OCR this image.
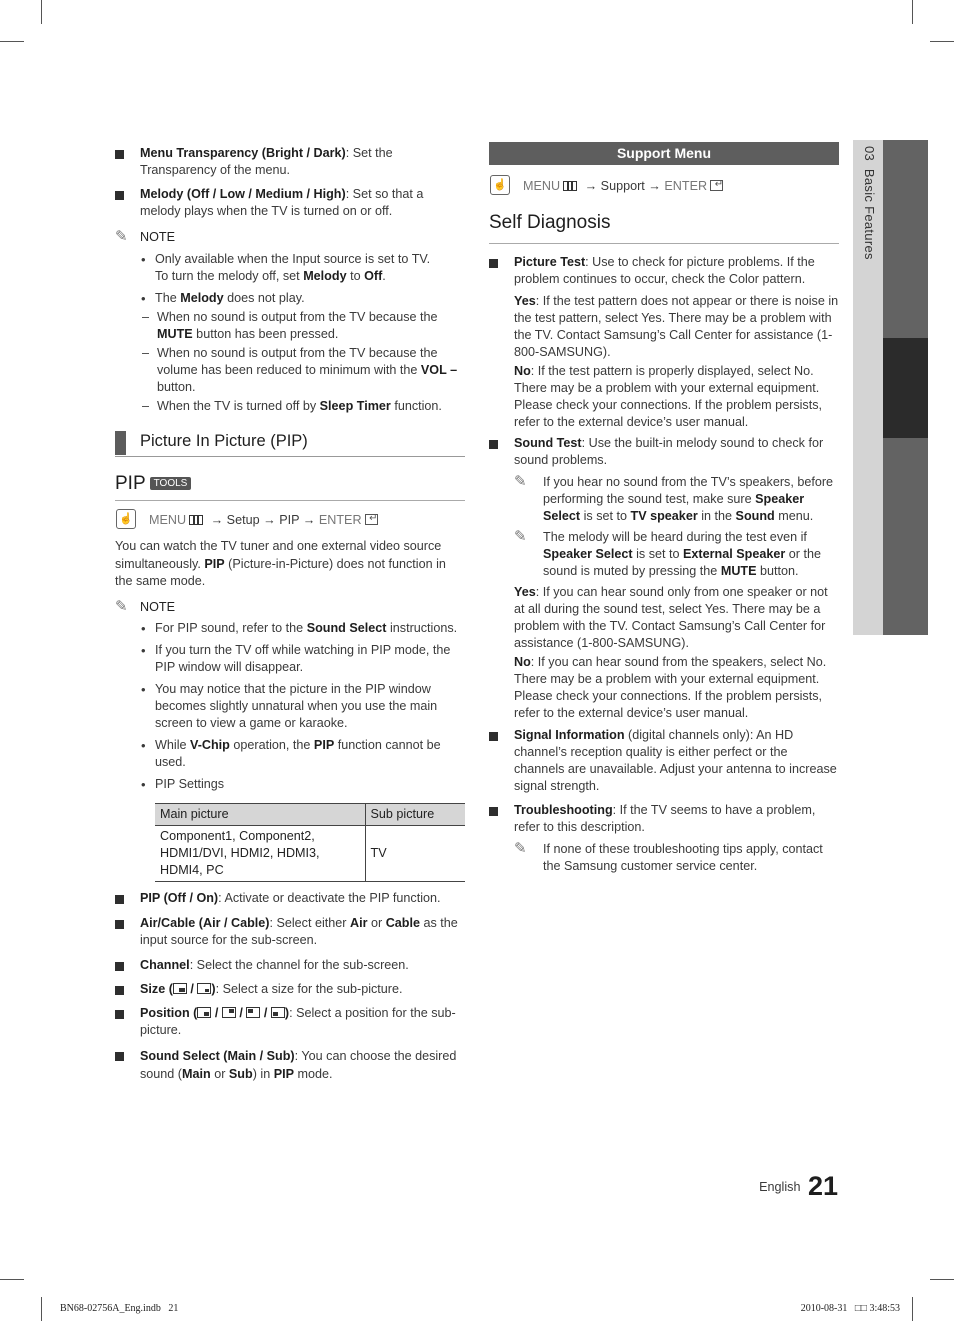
03  Basic Features
Menu Transparency (Bright / Dark): Set the Transparency of the menu.
Melody (Off / Low / Medium / High): Set so that a melody plays when the TV is turned on or off.
✎ NOTE
• Only available when the Input source is set to TV.
To turn the melody off, set Melody to Off.
• The Melody does not play.
– When no sound is output from the TV because the MUTE button has been pressed.
– When no sound is output from the TV because the volume has been reduced to minimum with the VOL – button.
– When the TV is turned off by Sleep Timer function.
Picture In Picture (PIP)
PIP TOOLS
☝ MENU → Setup → PIP → ENTER↵
You can watch the TV tuner and one external video source
simultaneously. PIP (Picture-in-Picture) does not function in the same mode.
✎ NOTE
• For PIP sound, refer to the Sound Select instructions.
• If you turn the TV off while watching in PIP mode, the PIP window will disappear.
• You may notice that the picture in the PIP window becomes slightly unnatural when you use the main screen to view a game or karaoke.
• While V-Chip operation, the PIP function cannot be used.
• PIP Settings
Main picture	Sub picture
Component1, Component2, HDMI1/DVI, HDMI2, HDMI3, HDMI4, PC	TV
PIP (Off / On): Activate or deactivate the PIP function.
Air/Cable (Air / Cable): Select either Air or Cable as the input source for the sub-screen.
Channel: Select the channel for the sub-screen.
Size (
/
): Select a size for the sub-picture.
Position (
/
/
/
): Select a position for the sub-picture.
Sound Select (Main / Sub): You can choose the desired sound (Main or Sub) in PIP mode.
Support Menu
☝ MENU → Support → ENTER↵
Self Diagnosis
Picture Test: Use to check for picture problems. If the problem continues to occur, check the Color pattern.
Yes: If the test pattern does not appear or there is noise in the test pattern, select Yes. There may be a problem with the TV. Contact Samsung’s Call Center for assistance (1-800-SAMSUNG).
No: If the test pattern is properly displayed, select No. There may be a problem with your external equipment. Please check your connections. If the problem persists, refer to the external device’s user manual.
Sound Test: Use the built-in melody sound to check for sound problems.
✎ If you hear no sound from the TV’s speakers, before performing the sound test, make sure Speaker Select is set to TV speaker in the Sound menu.
✎ The melody will be heard during the test even if Speaker Select is set to External Speaker or the sound is muted by pressing the MUTE button.
Yes: If you can hear sound only from one speaker or not at all during the sound test, select Yes. There may be a problem with the TV. Contact Samsung’s Call Center for assistance (1-800-SAMSUNG).
No: If you can hear sound from the speakers, select No. There may be a problem with your external equipment. Please check your connections. If the problem persists, refer to the external device’s user manual.
Signal Information (digital channels only): An HD channel’s reception quality is either perfect or the channels are unavailable. Adjust your antenna to increase signal strength.
Troubleshooting: If the TV seems to have a problem, refer to this description.
✎ If none of these troubleshooting tips apply, contact the Samsung customer service center.
English 21
BN68-02756A_Eng.indb   21	2010-08-31   □□ 3:48:53
